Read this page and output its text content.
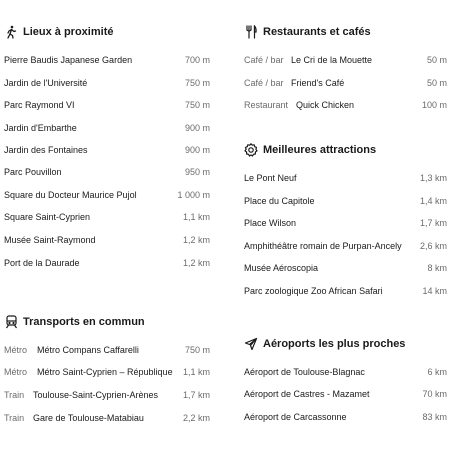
Lieux à proximité
Pierre Baudis Japanese Garden	700 m
Jardin de l'Université	750 m
Parc Raymond VI	750 m
Jardin d'Embarthe	900 m
Jardin des Fontaines	900 m
Parc Pouvillon	950 m
Square du Docteur Maurice Pujol	1 000 m
Square Saint-Cyprien	1,1 km
Musée Saint-Raymond	1,2 km
Port de la Daurade	1,2 km
Restaurants et cafés
Café / bar Le Cri de la Mouette	50 m
Café / bar Friend's Café	50 m
Restaurant Quick Chicken	100 m
Meilleures attractions
Le Pont Neuf	1,3 km
Place du Capitole	1,4 km
Place Wilson	1,7 km
Amphithéâtre romain de Purpan-Ancely 2,6 km
Musée Aéroscopia	8 km
Parc zoologique Zoo African Safari	14 km
Transports en commun
Métro Métro Compans Caffarelli	750 m
Métro Métro Saint-Cyprien – République 1,1 km
Train Toulouse-Saint-Cyprien-Arènes	1,7 km
Train Gare de Toulouse-Matabiau	2,2 km
Aéroports les plus proches
Aéroport de Toulouse-Blagnac	6 km
Aéroport de Castres - Mazamet	70 km
Aéroport de Carcassonne	83 km
